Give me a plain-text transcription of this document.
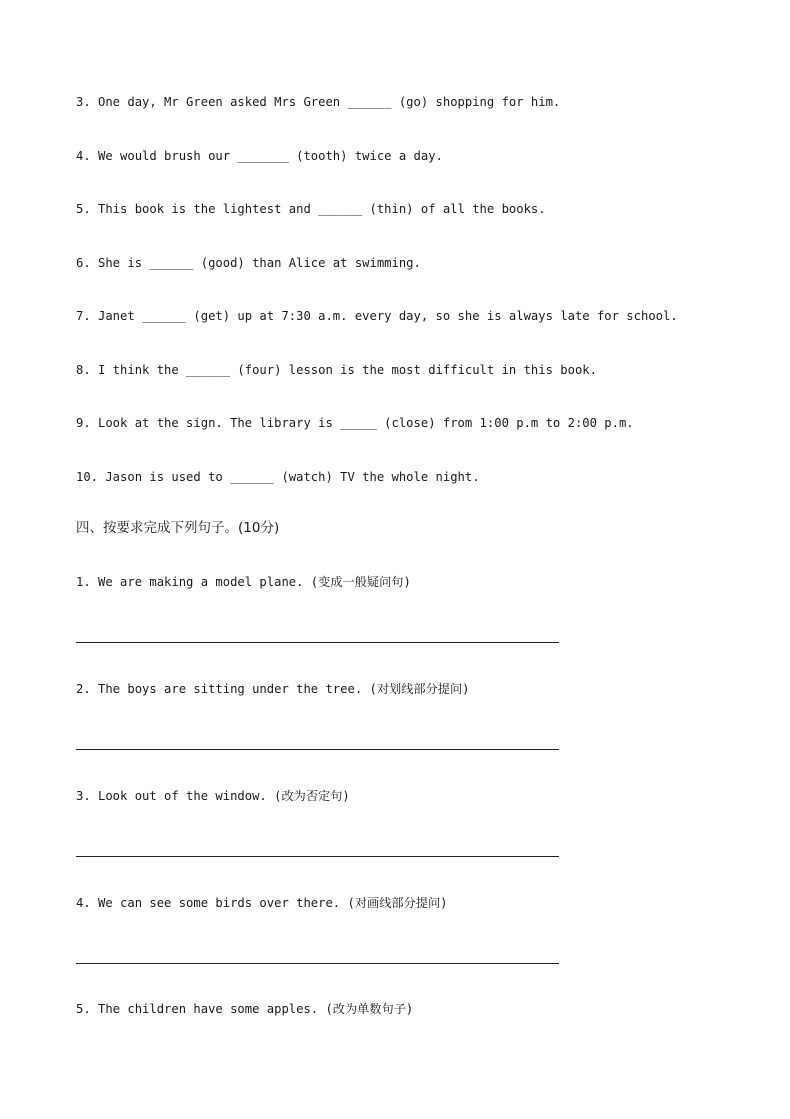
3. One day, Mr Green asked Mrs Green ______ (go) shopping for him.
4. We would brush our _______ (tooth) twice a day.
5. This book is the lightest and ______ (thin) of all the books.
6. She is ______ (good) than Alice at swimming.
7. Janet ______ (get) up at 7:30 a.m. every day, so she is always late for school.
8. I think the ______ (four) lesson is the most difficult in this book.
9. Look at the sign. The library is _____ (close) from 1:00 p.m to 2:00 p.m.
10. Jason is used to ______ (watch) TV the whole night.
四、按要求完成下列句子。(10分)
1. We are making a model plane. (变成一般疑问句)
2. The boys are sitting under the tree. (对划线部分提问)
3. Look out of the window. (改为否定句)
4. We can see some birds over there. (对画线部分提问)
5. The children have some apples. (改为单数句子)
